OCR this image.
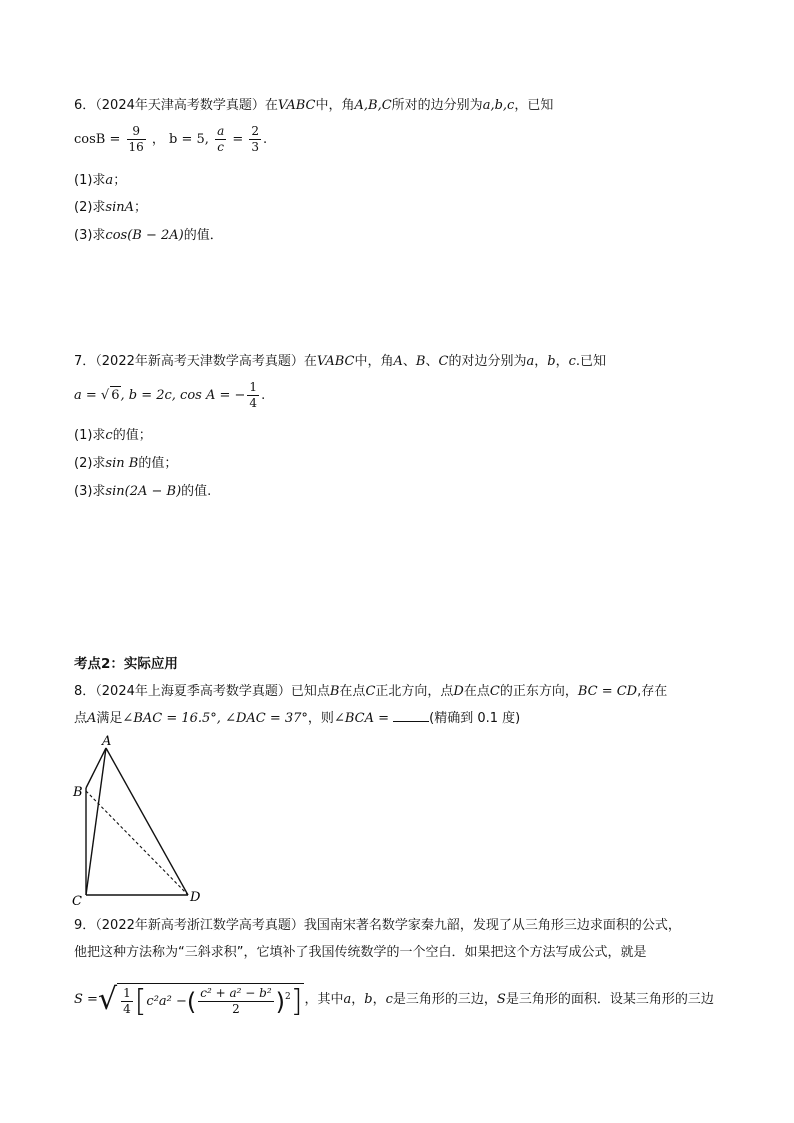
6．（2024年天津高考数学真题）在VABC中，角A,B,C所对的边分别为a,b,c，已知
$\cos B = \frac{9}{16}$ ， b = 5, $\frac{a}{c} = \frac{2}{3}$ .
(1)求a；
(2)求sinA；
(3)求cos(B − 2A)的值．
7．（2022年新高考天津数学高考真题）在VABC中，角A、B、C的对边分别为a，b，c.已知
a = √ 6, b = 2c, cos A = − $\frac{1}{4}$ .
(1)求c的值；
(2)求sin B的值；
(3)求sin(2A − B)的值.
考点2：实际应用
8．（2024年上海夏季高考数学真题）已知点B在点C正北方向，点D在点C的正东方向，BC = CD,存在
点A满足∠BAC = 16.5°, ∠DAC = 37°，则∠BCA =	(精确到 0.1 度)
A
B
C	D
9．（2022年新高考浙江数学高考真题）我国南宋著名数学家秦九韶，发现了从三角形三边求面积的公式，
他把这种方法称为“三斜求积”，它填补了我国传统数学的一个空白．如果把这个方法写成公式，就是
S = √ $\frac{1}{4}$ [ c²a² − ( $\frac{\text{c² + a² − b²}}{2} )^2$ ] ，其中 a ， b ， c 是三角形的三边， S 是三角形的面积．设某三角形的三边
